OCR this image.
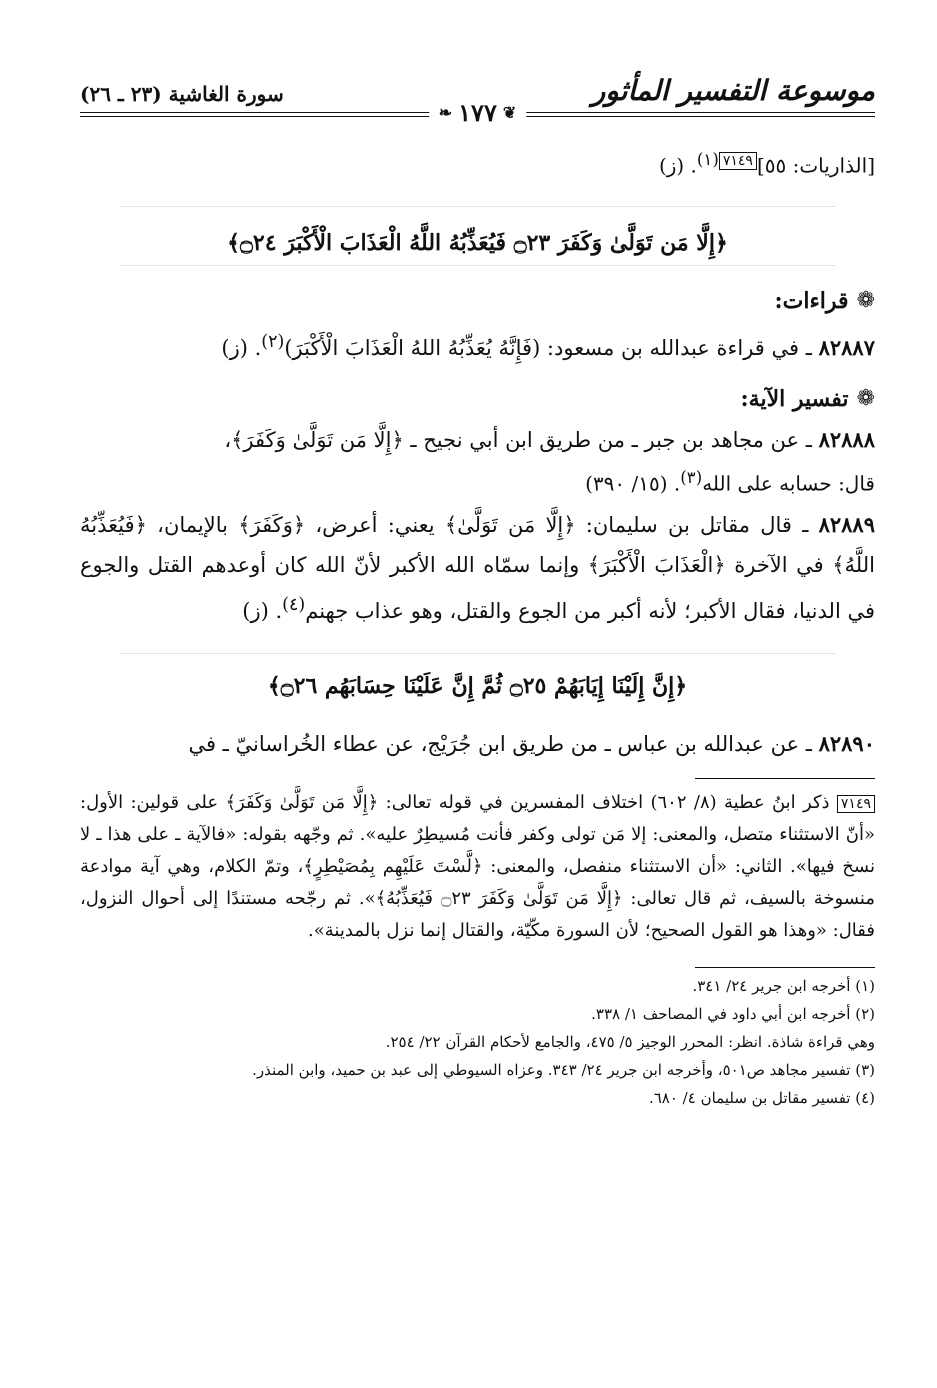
موسوعة التفسير المأثور
سورة الغاشية (٢٣ ـ ٢٦)
❦
١٧٧
❧

[الذاريات: ٥٥]٧١٤٩$^{(١)}$. (ز)

﴿إِلَّا مَن تَوَلَّىٰ وَكَفَرَ ۝٢٣ فَيُعَذِّبُهُ اللَّهُ الْعَذَابَ الْأَكْبَرَ ۝٢٤﴾

❁
قراءات:

٨٢٨٨٧ ـ في قراءة عبدالله بن مسعود: (فَإِنَّهُ يُعَذِّبُهُ اللهُ الْعَذَابَ الْأَكْبَرَ)$^{(٢)}$. (ز)

❁
تفسير الآية:

٨٢٨٨٨ ـ عن مجاهد بن جبر ـ من طريق ابن أبي نجيح ـ ﴿إِلَّا مَن تَوَلَّىٰ وَكَفَرَ﴾،

قال: حسابه على الله$^{(٣)}$. (١٥/ ٣٩٠)

٨٢٨٨٩ ـ قال مقاتل بن سليمان: ﴿إِلَّا مَن تَوَلَّىٰ﴾ يعني: أعرض، ﴿وَكَفَرَ﴾ بالإيمان، ﴿فَيُعَذِّبُهُ اللَّهُ﴾ في الآخرة ﴿الْعَذَابَ الْأَكْبَرَ﴾ وإنما سمّاه الله الأكبر لأنّ الله كان أوعدهم القتل والجوع في الدنيا، فقال الأكبر؛ لأنه أكبر من الجوع والقتل، وهو عذاب جهنم$^{(٤)}$. (ز)

﴿إِنَّ إِلَيْنَا إِيَابَهُمْ ۝٢٥ ثُمَّ إِنَّ عَلَيْنَا حِسَابَهُم ۝٢٦﴾

٨٢٨٩٠ ـ عن عبدالله بن عباس ـ من طريق ابن جُرَيْج، عن عطاء الخُراسانيّ ـ في

٧١٤٩ ذكر ابنُ عطية (٨/ ٦٠٢) اختلاف المفسرين في قوله تعالى: ﴿إِلَّا مَن تَوَلَّىٰ وَكَفَرَ﴾ على قولين: الأول: «أنّ الاستثناء متصل، والمعنى: إلا مَن تولى وكفر فأنت مُسيطِرٌ عليه». ثم وجّهه بقوله: «فالآية ـ على هذا ـ لا نسخ فيها». الثاني: «أن الاستثناء منفصل، والمعنى: ﴿لَّسْتَ عَلَيْهِم بِمُصَيْطِرٍ﴾، وتمّ الكلام، وهي آية موادعة منسوخة بالسيف، ثم قال تعالى: ﴿إِلَّا مَن تَوَلَّىٰ وَكَفَرَ ۝٢٣ فَيُعَذِّبُهُ﴾». ثم رجّحه مستندًا إلى أحوال النزول، فقال: «وهذا هو القول الصحيح؛ لأن السورة مكّيّة، والقتال إنما نزل بالمدينة».

(١) أخرجه ابن جرير ٢٤/ ٣٤١.

(٢) أخرجه ابن أبي داود في المصاحف ١/ ٣٣٨.

وهي قراءة شاذة. انظر: المحرر الوجيز ٥/ ٤٧٥، والجامع لأحكام القرآن ٢٢/ ٢٥٤.

(٣) تفسير مجاهد ص٥٠١، وأخرجه ابن جرير ٢٤/ ٣٤٣. وعزاه السيوطي إلى عبد بن حميد، وابن المنذر.

(٤) تفسير مقاتل بن سليمان ٤/ ٦٨٠.
